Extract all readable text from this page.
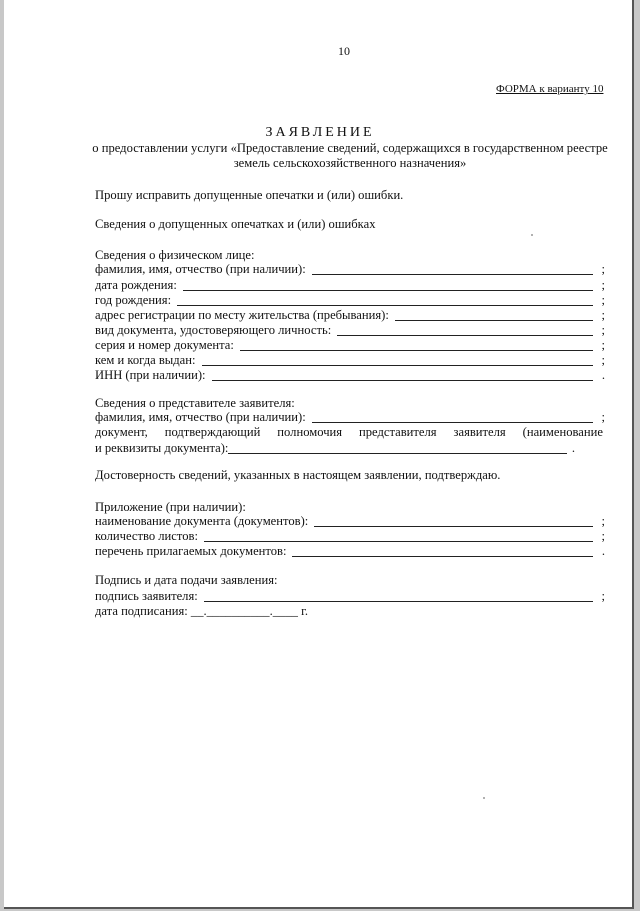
10
ФОРМА к варианту 10
ЗАЯВЛЕНИЕ
о предоставлении услуги «Предоставление сведений, содержащихся в государственном реестре земель сельскохозяйственного назначения»
Прошу исправить допущенные опечатки и (или) ошибки.
Сведения о допущенных опечатках и (или) ошибках
Сведения о физическом лице:
фамилия, имя, отчество (при наличии):	;
дата рождения:	;
год рождения:	;
адрес регистрации по месту жительства (пребывания):	;
вид документа, удостоверяющего личность:	;
серия и номер документа:	;
кем и когда выдан:	;
ИНН (при наличии):	.
Сведения о представителе заявителя:
фамилия, имя, отчество (при наличии):	;
документ, подтверждающий полномочия представителя заявителя (наименование
и реквизиты документа):	.
Достоверность сведений, указанных в настоящем заявлении, подтверждаю.
Приложение (при наличии):
наименование документа (документов):	;
количество листов:	;
перечень прилагаемых документов:	.
Подпись и дата подачи заявления:
подпись заявителя:	;
дата подписания: __.__________.____ г.
